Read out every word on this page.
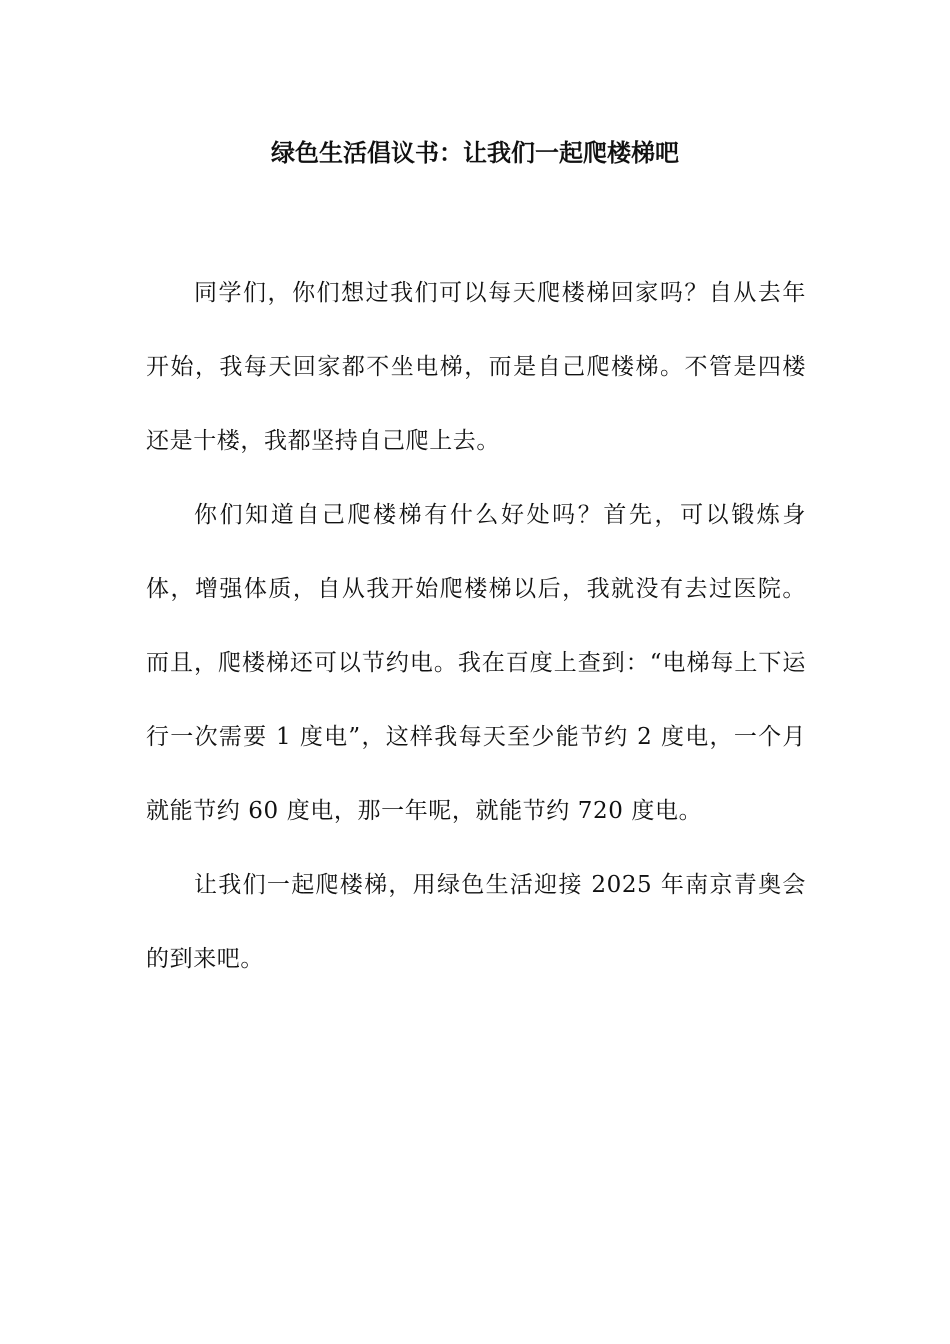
绿色生活倡议书：让我们一起爬楼梯吧

同学们，你们想过我们可以每天爬楼梯回家吗？自从去年开始，我每天回家都不坐电梯，而是自己爬楼梯。不管是四楼还是十楼，我都坚持自己爬上去。

你们知道自己爬楼梯有什么好处吗？首先，可以锻炼身体，增强体质，自从我开始爬楼梯以后，我就没有去过医院。而且，爬楼梯还可以节约电。我在百度上查到：“电梯每上下运行一次需要 1 度电”，这样我每天至少能节约 2 度电，一个月就能节约 60 度电，那一年呢，就能节约 720 度电。

让我们一起爬楼梯，用绿色生活迎接 2025 年南京青奥会的到来吧。
